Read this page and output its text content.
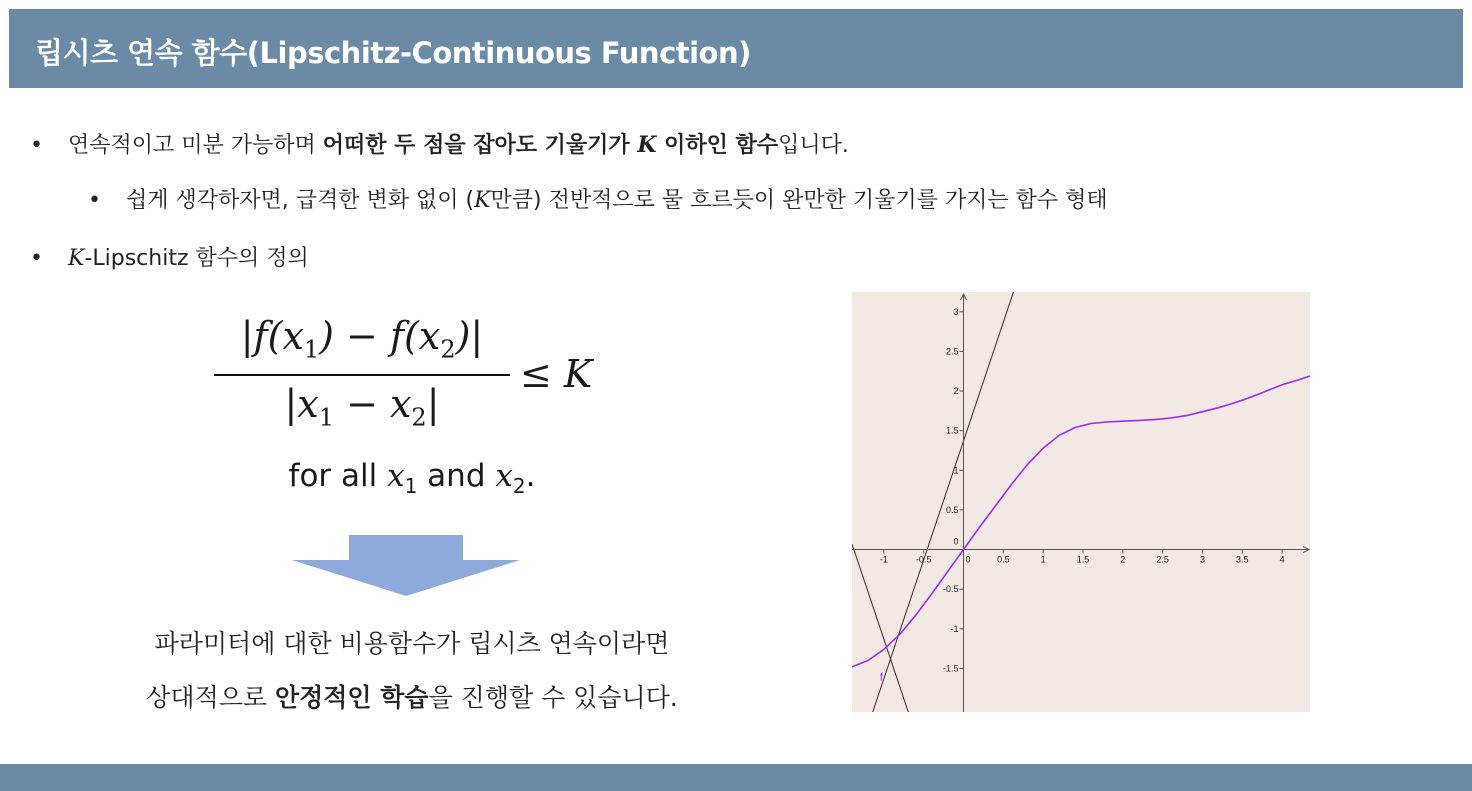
립시츠 연속 함수(Lipschitz-Continuous Function)
• 연속적이고 미분 가능하며 어떠한 두 점을 잡아도 기울기가 K 이하인 함수입니다.
• 쉽게 생각하자면, 급격한 변화 없이 (K만큼) 전반적으로 물 흐르듯이 완만한 기울기를 가지는 함수 형태
• K-Lipschitz 함수의 정의
$|f(x_1) - f(x_2)|$
$|x_1 - x_2|$
≤ K
for all $x_1$ and $x_2$.
파라미터에 대한 비용함수가 립시츠 연속이라면
상대적으로 안정적인 학습을 진행할 수 있습니다.
-1	-0.5	0	0.5	1	1.5	2	2.5	3	3.5	4
3
2.5
2
1.5
1
0.5
-0.5
-1
-1.5
0
f
